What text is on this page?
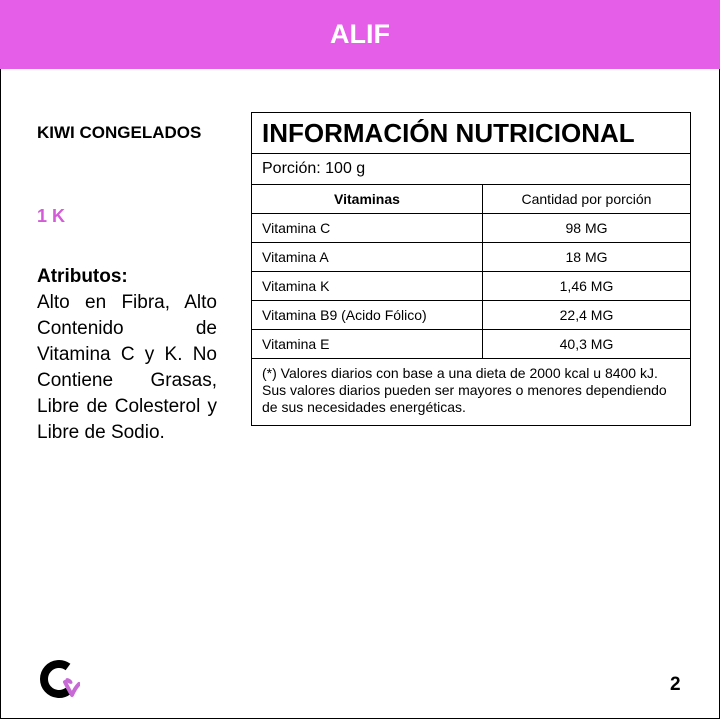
ALIF
KIWI CONGELADOS
1 K
Atributos:
Alto en Fibra, Alto Contenido de Vitamina C y K. No Contiene Grasas, Libre de Colesterol y Libre de Sodio.
INFORMACIÓN NUTRICIONAL	
Porción: 100 g	
Vitaminas	Cantidad por porción
Vitamina C	98 MG
Vitamina A	18 MG
Vitamina K	1,46 MG
Vitamina B9 (Acido Fólico)	22,4 MG
Vitamina E	40,3 MG
(*) Valores diarios con base a una dieta de 2000 kcal u 8400 kJ. Sus valores diarios pueden ser mayores o menores dependiendo de sus necesidades energéticas.	
2
